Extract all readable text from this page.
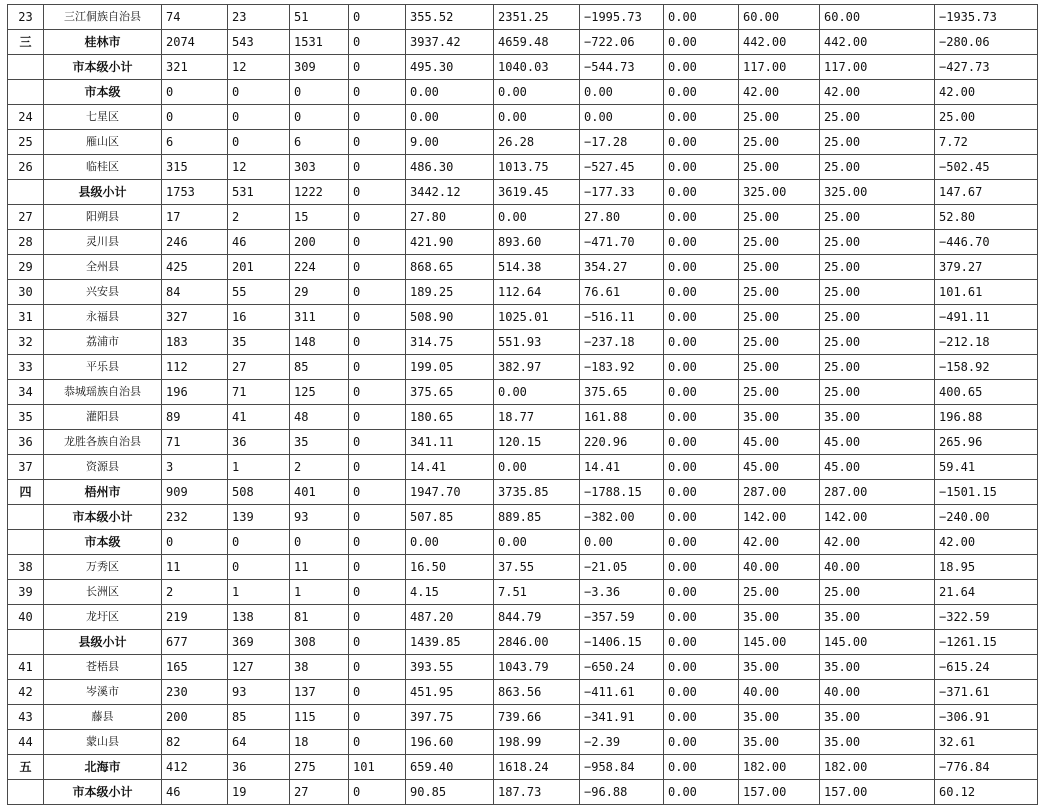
23	三江侗族自治县	74	23	51	0	355.52	2351.25	−1995.73	0.00	60.00	60.00	−1935.73
三	桂林市	2074	543	1531	0	3937.42	4659.48	−722.06	0.00	442.00	442.00	−280.06
	市本级小计	321	12	309	0	495.30	1040.03	−544.73	0.00	117.00	117.00	−427.73
	市本级	0	0	0	0	0.00	0.00	0.00	0.00	42.00	42.00	42.00
24	七星区	0	0	0	0	0.00	0.00	0.00	0.00	25.00	25.00	25.00
25	雁山区	6	0	6	0	9.00	26.28	−17.28	0.00	25.00	25.00	7.72
26	临桂区	315	12	303	0	486.30	1013.75	−527.45	0.00	25.00	25.00	−502.45
	县级小计	1753	531	1222	0	3442.12	3619.45	−177.33	0.00	325.00	325.00	147.67
27	阳朔县	17	2	15	0	27.80	0.00	27.80	0.00	25.00	25.00	52.80
28	灵川县	246	46	200	0	421.90	893.60	−471.70	0.00	25.00	25.00	−446.70
29	全州县	425	201	224	0	868.65	514.38	354.27	0.00	25.00	25.00	379.27
30	兴安县	84	55	29	0	189.25	112.64	76.61	0.00	25.00	25.00	101.61
31	永福县	327	16	311	0	508.90	1025.01	−516.11	0.00	25.00	25.00	−491.11
32	荔浦市	183	35	148	0	314.75	551.93	−237.18	0.00	25.00	25.00	−212.18
33	平乐县	112	27	85	0	199.05	382.97	−183.92	0.00	25.00	25.00	−158.92
34	恭城瑶族自治县	196	71	125	0	375.65	0.00	375.65	0.00	25.00	25.00	400.65
35	灌阳县	89	41	48	0	180.65	18.77	161.88	0.00	35.00	35.00	196.88
36	龙胜各族自治县	71	36	35	0	341.11	120.15	220.96	0.00	45.00	45.00	265.96
37	资源县	3	1	2	0	14.41	0.00	14.41	0.00	45.00	45.00	59.41
四	梧州市	909	508	401	0	1947.70	3735.85	−1788.15	0.00	287.00	287.00	−1501.15
	市本级小计	232	139	93	0	507.85	889.85	−382.00	0.00	142.00	142.00	−240.00
	市本级	0	0	0	0	0.00	0.00	0.00	0.00	42.00	42.00	42.00
38	万秀区	11	0	11	0	16.50	37.55	−21.05	0.00	40.00	40.00	18.95
39	长洲区	2	1	1	0	4.15	7.51	−3.36	0.00	25.00	25.00	21.64
40	龙圩区	219	138	81	0	487.20	844.79	−357.59	0.00	35.00	35.00	−322.59
	县级小计	677	369	308	0	1439.85	2846.00	−1406.15	0.00	145.00	145.00	−1261.15
41	苍梧县	165	127	38	0	393.55	1043.79	−650.24	0.00	35.00	35.00	−615.24
42	岑溪市	230	93	137	0	451.95	863.56	−411.61	0.00	40.00	40.00	−371.61
43	藤县	200	85	115	0	397.75	739.66	−341.91	0.00	35.00	35.00	−306.91
44	蒙山县	82	64	18	0	196.60	198.99	−2.39	0.00	35.00	35.00	32.61
五	北海市	412	36	275	101	659.40	1618.24	−958.84	0.00	182.00	182.00	−776.84
	市本级小计	46	19	27	0	90.85	187.73	−96.88	0.00	157.00	157.00	60.12
